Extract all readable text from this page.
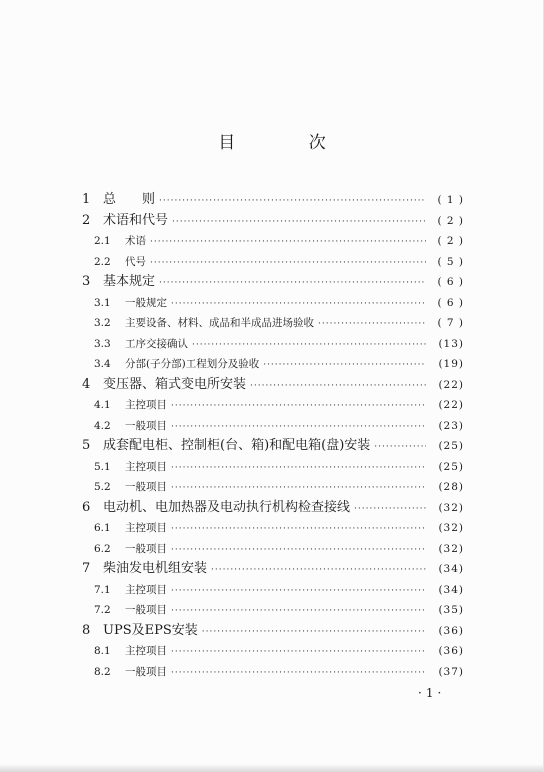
目 次
1 总　　则 ·····	( 1 )
2 术语和代号 ·····	( 2 )
2.1	术语 ·····	( 2 )
2.2	代号 ·····	( 5 )
3 基本规定 ·····	( 6 )
3.1	一般规定 ·····	( 6 )
3.2	主要设备、材料、成品和半成品进场验收 ·····	( 7 )
3.3	工序交接确认 ·····	(13)
3.4	分部(子分部)工程划分及验收 ·····	(19)
4 变压器、箱式变电所安装 ·····	(22)
4.1	主控项目 ·····	(22)
4.2	一般项目 ·····	(23)
5 成套配电柜、控制柜(台、箱)和配电箱(盘)安装 ·····	(25)
5.1	主控项目 ·····	(25)
5.2	一般项目 ·····	(28)
6 电动机、电加热器及电动执行机构检查接线 ·····	(32)
6.1	主控项目 ·····	(32)
6.2	一般项目 ·····	(32)
7 柴油发电机组安装 ·····	(34)
7.1	主控项目 ·····	(34)
7.2	一般项目 ·····	(35)
8 UPS及EPS安装 ·····	(36)
8.1	主控项目 ·····	(36)
8.2	一般项目 ·····	(37)
·1·
